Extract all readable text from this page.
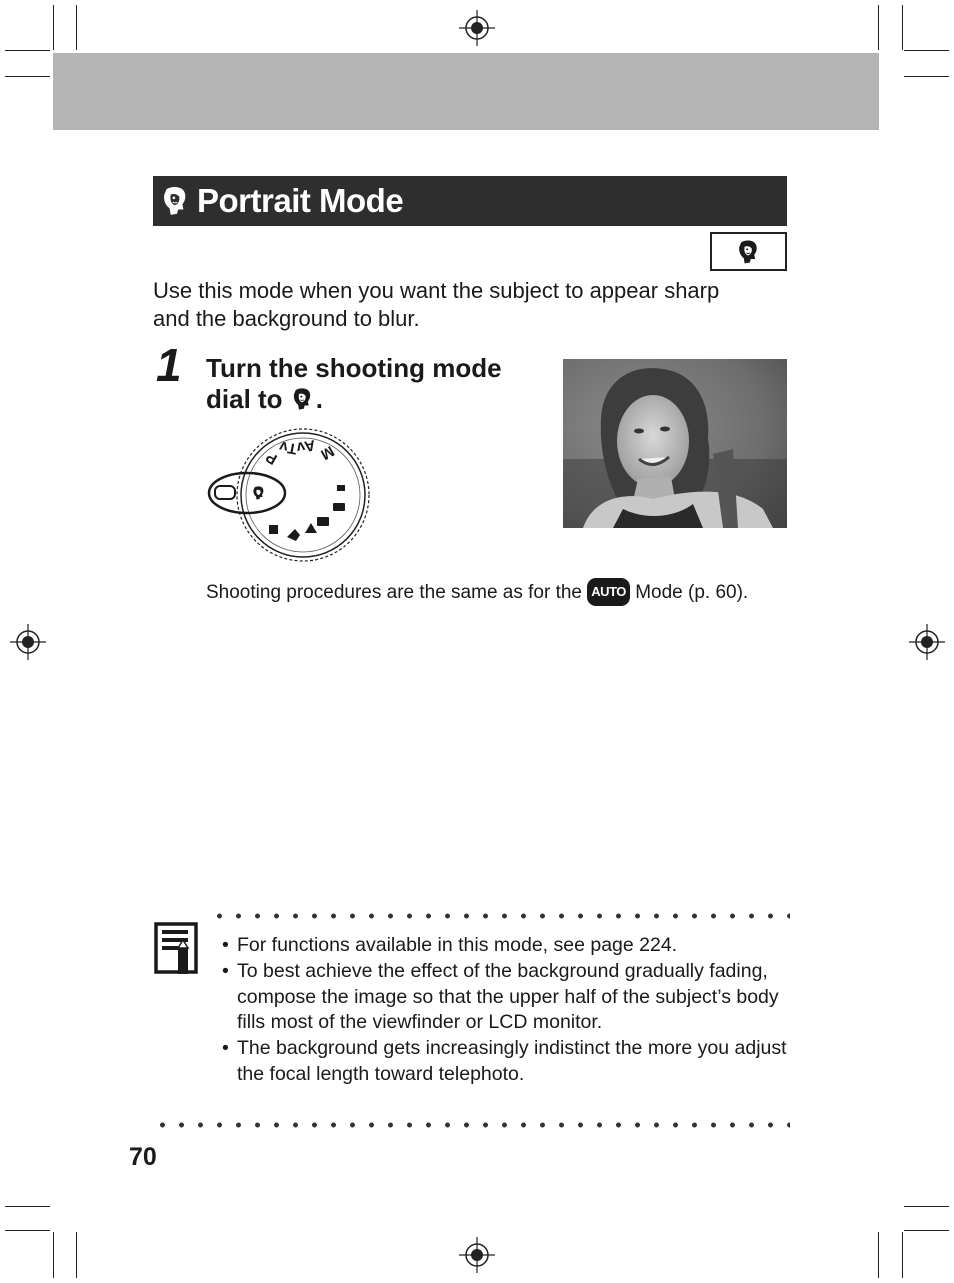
Portrait Mode
Use this mode when you want the subject to appear sharp and the background to blur.
1 Turn the shooting mode dial to .
P
Tv
Av M
Shooting procedures are the same as for the AUTO Mode (p. 60).
• For functions available in this mode, see page 224.
• To best achieve the effect of the background gradually fading, compose the image so that the upper half of the subject’s body fills most of the viewfinder or LCD monitor.
• The background gets increasingly indistinct the more you adjust the focal length toward telephoto.
70
